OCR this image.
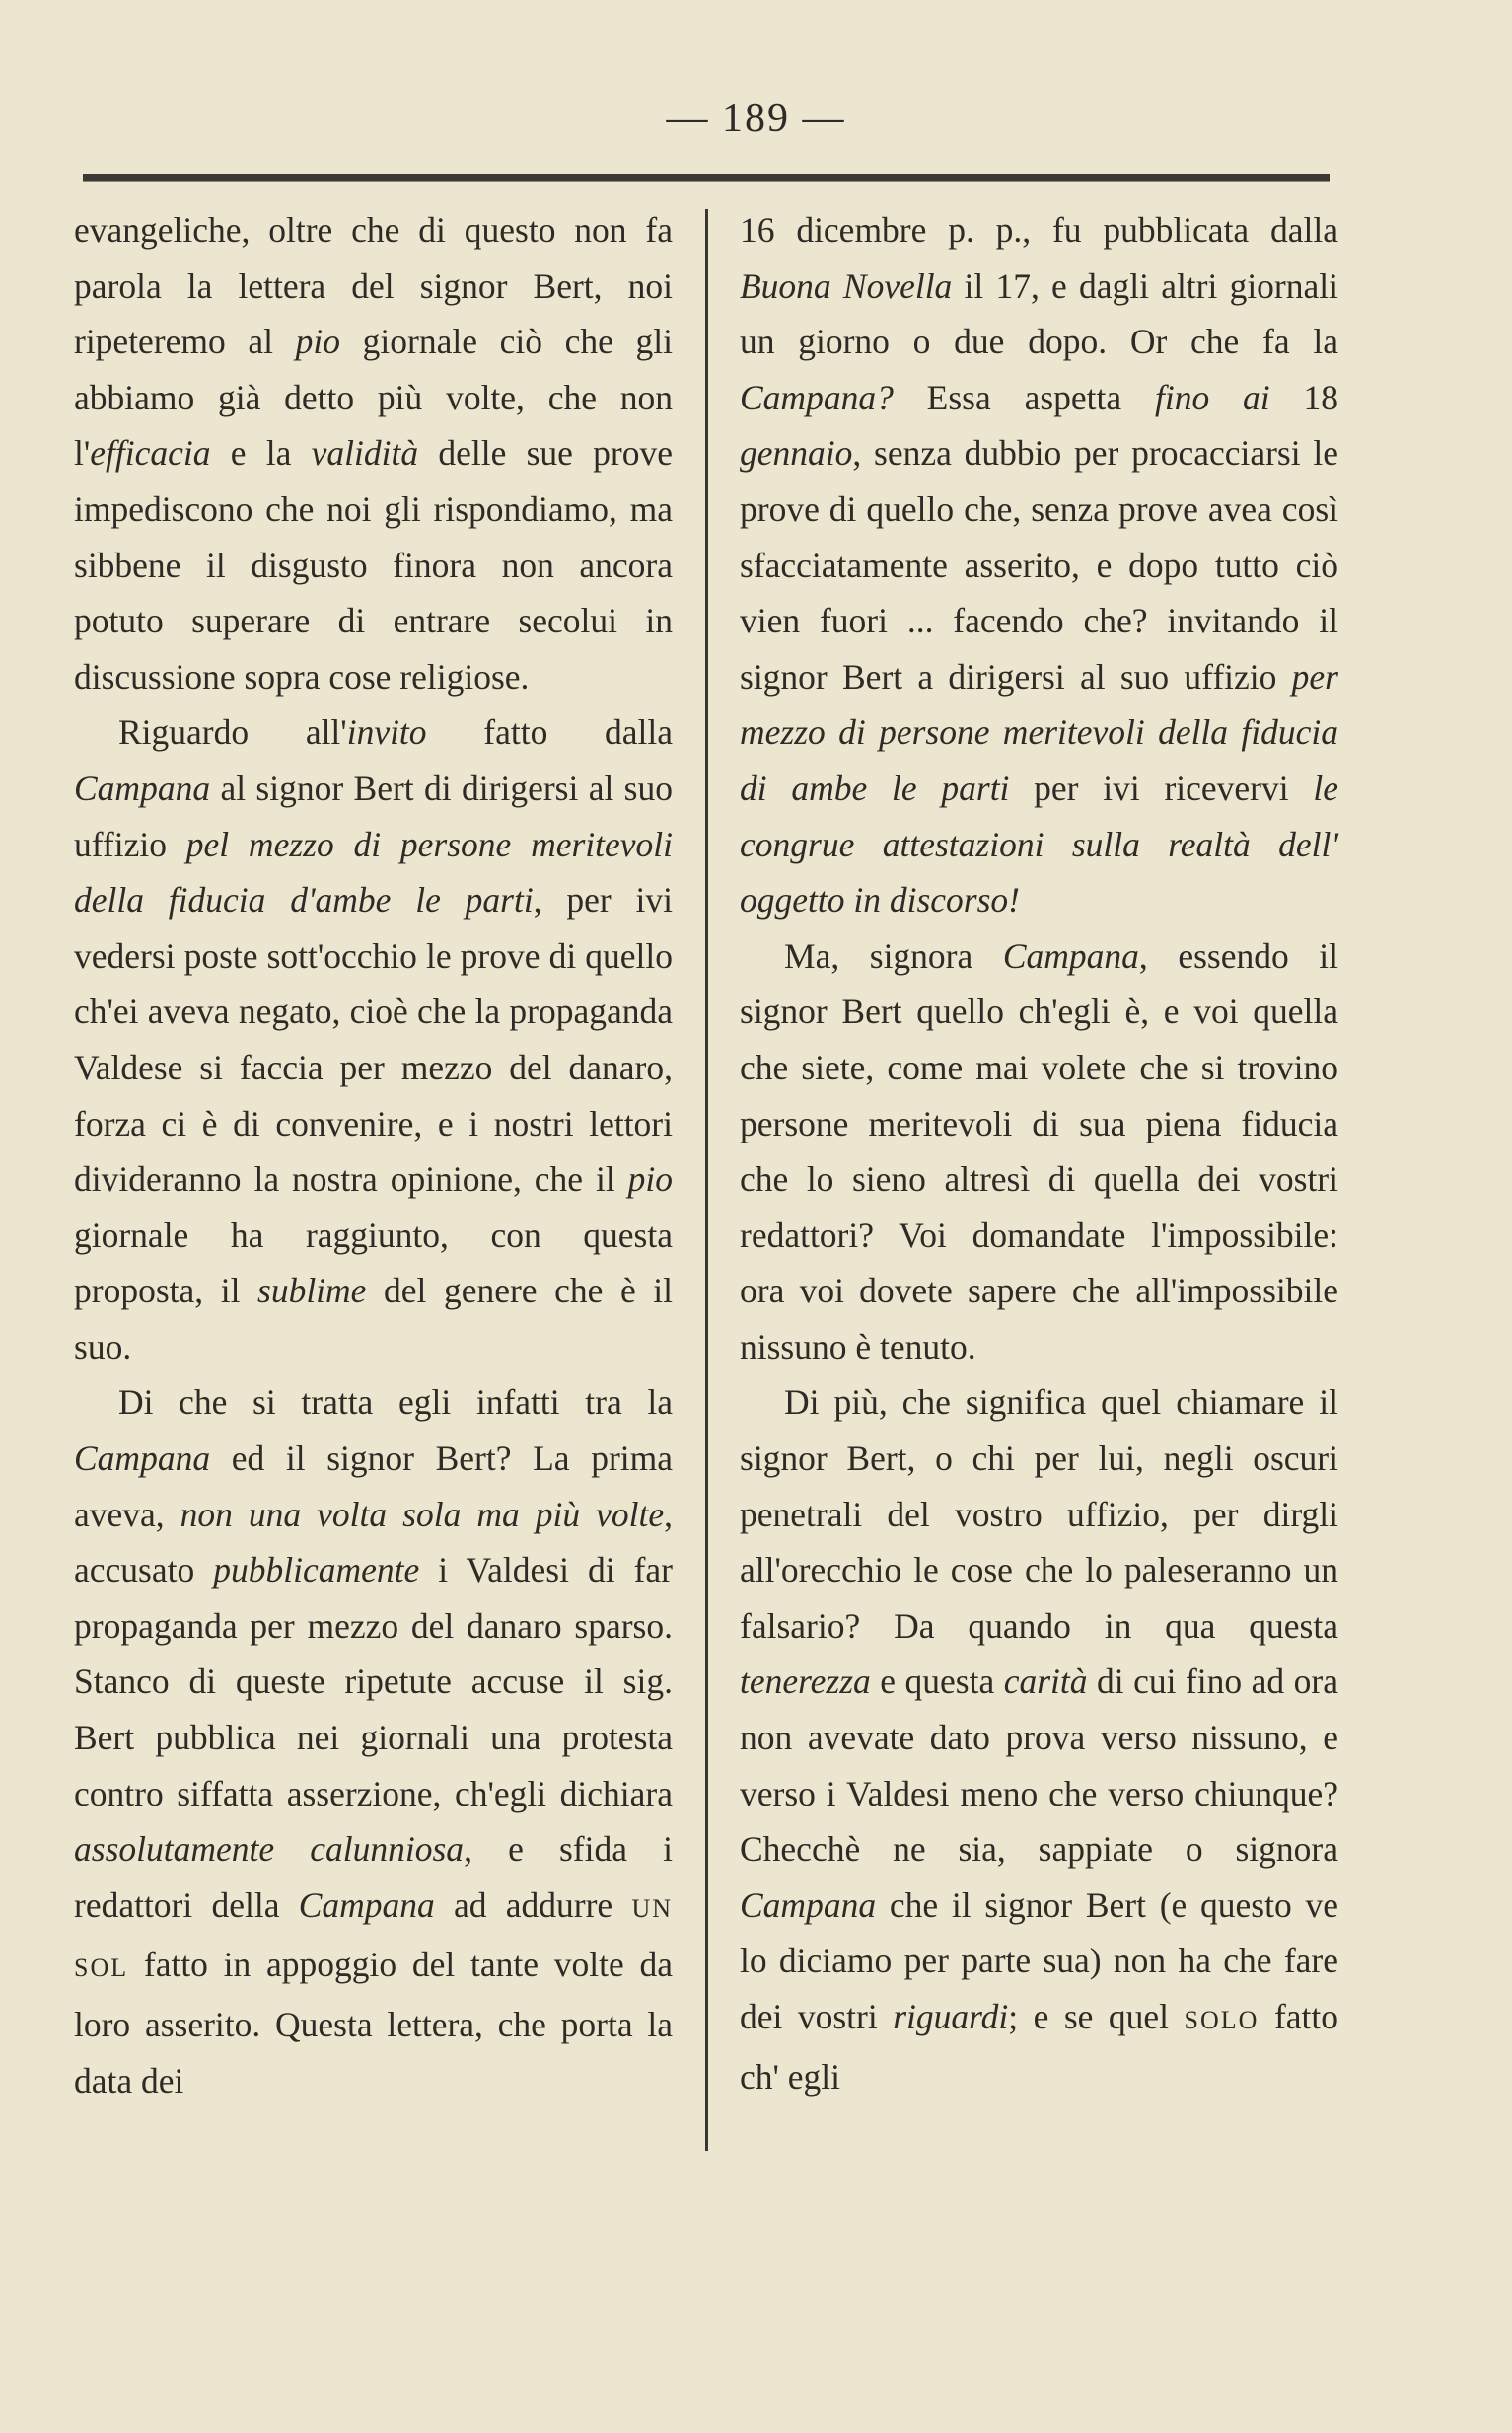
— 189 —

evangeliche, oltre che di questo non fa parola la lettera del signor Bert, noi ripeteremo al pio giornale ciò che gli abbiamo già detto più volte, che non l'efficacia e la validità delle sue prove impediscono che noi gli rispondiamo, ma sibbene il disgusto finora non ancora potuto superare di entrare secolui in discussione sopra cose religiose.

Riguardo all'invito fatto dalla Campana al signor Bert di dirigersi al suo uffizio pel mezzo di persone meritevoli della fiducia d'ambe le parti, per ivi vedersi poste sott'occhio le prove di quello ch'ei aveva negato, cioè che la propaganda Valdese si faccia per mezzo del danaro, forza ci è di convenire, e i nostri lettori divideranno la nostra opinione, che il pio giornale ha raggiunto, con questa proposta, il sublime del genere che è il suo.

Di che si tratta egli infatti tra la Campana ed il signor Bert? La prima aveva, non una volta sola ma più volte, accusato pubblicamente i Valdesi di far propaganda per mezzo del danaro sparso. Stanco di queste ripetute accuse il sig. Bert pubblica nei giornali una protesta contro siffatta asserzione, ch'egli dichiara assolutamente calunniosa, e sfida i redattori della Campana ad addurre UN SOL fatto in appoggio del tante volte da loro asserito. Questa lettera, che porta la data dei

16 dicembre p. p., fu pubblicata dalla Buona Novella il 17, e dagli altri giornali un giorno o due dopo. Or che fa la Campana? Essa aspetta fino ai 18 gennaio, senza dubbio per procacciarsi le prove di quello che, senza prove avea così sfacciatamente asserito, e dopo tutto ciò vien fuori ... facendo che? invitando il signor Bert a dirigersi al suo uffizio per mezzo di persone meritevoli della fiducia di ambe le parti per ivi ricevervi le congrue attestazioni sulla realtà dell' oggetto in discorso!

Ma, signora Campana, essendo il signor Bert quello ch'egli è, e voi quella che siete, come mai volete che si trovino persone meritevoli di sua piena fiducia che lo sieno altresì di quella dei vostri redattori? Voi domandate l'impossibile: ora voi dovete sapere che all'impossibile nissuno è tenuto.

Di più, che significa quel chiamare il signor Bert, o chi per lui, negli oscuri penetrali del vostro uffizio, per dirgli all'orecchio le cose che lo paleseranno un falsario? Da quando in qua questa tenerezza e questa carità di cui fino ad ora non avevate dato prova verso nissuno, e verso i Valdesi meno che verso chiunque? Checchè ne sia, sappiate o signora Campana che il signor Bert (e questo ve lo diciamo per parte sua) non ha che fare dei vostri riguardi; e se quel SOLO fatto ch' egli
